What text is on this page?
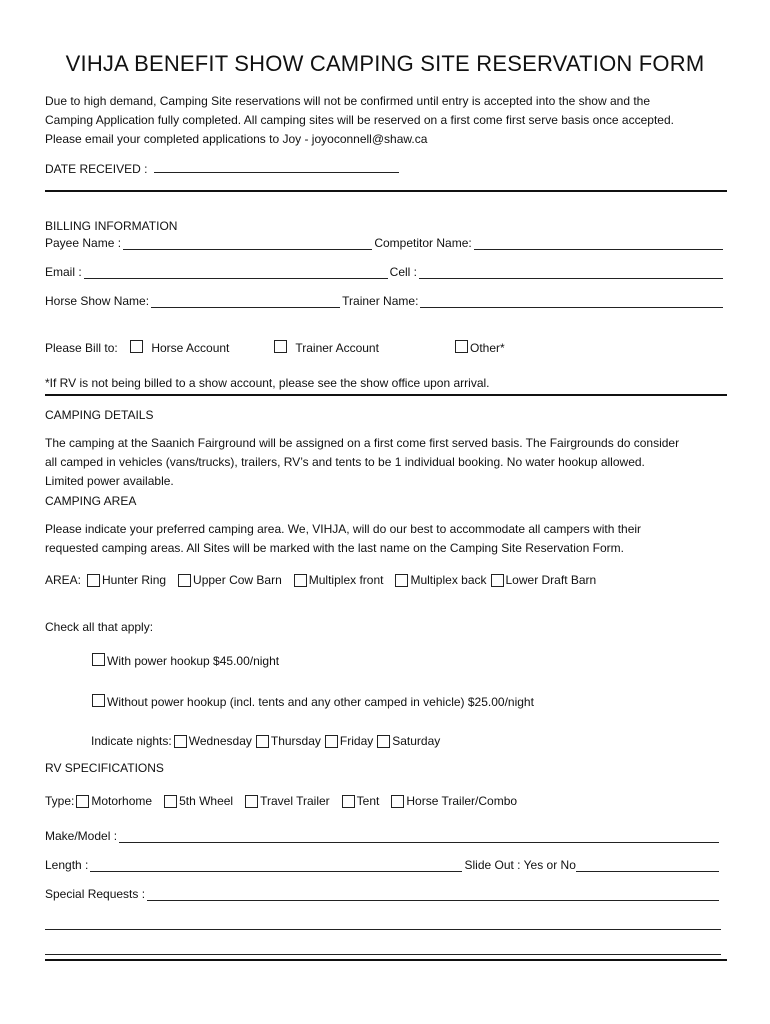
VIHJA BENEFIT SHOW CAMPING SITE RESERVATION FORM
Due to high demand, Camping Site reservations will not be confirmed until entry is accepted into the show and the
Camping Application fully completed. All camping sites will be reserved on a first come first serve basis once accepted.
Please email your completed applications to Joy - joyoconnell@shaw.ca
DATE RECEIVED :
BILLING INFORMATION
Payee Name :	Competitor Name:
Email :	Cell :
Horse Show Name:	Trainer Name:
Please Bill to:	Horse Account	Trainer Account	Other*
*If RV is not being billed to a show account, please see the show office upon arrival.
CAMPING DETAILS
The camping at the Saanich Fairground will be assigned on a first come first served basis. The Fairgrounds do consider
all camped in vehicles (vans/trucks), trailers, RV’s and tents to be 1 individual booking. No water hookup allowed.
Limited power available.
CAMPING AREA
Please indicate your preferred camping area. We, VIHJA, will do our best to accommodate all campers with their
requested camping areas. All Sites will be marked with the last name on the Camping Site Reservation Form.
AREA: Hunter Ring Upper Cow Barn Multiplex front Multiplex back Lower Draft Barn
Check all that apply:
With power hookup $45.00/night
Without power hookup (incl. tents and any other camped in vehicle) $25.00/night
Indicate nights: Wednesday Thursday Friday Saturday
RV SPECIFICATIONS
Type: Motorhome 5th Wheel Travel Trailer Tent Horse Trailer/Combo
Make/Model :
Length :	Slide Out : Yes or No
Special Requests :
